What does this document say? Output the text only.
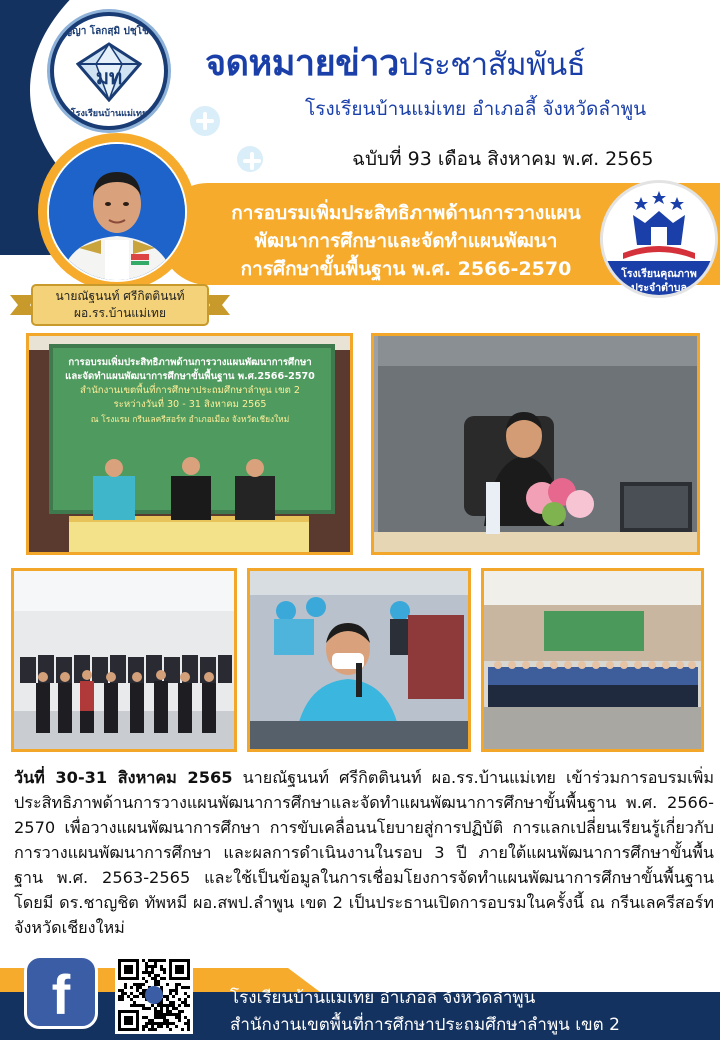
ปัญญา โลกสฺมิ ปชฺโชโต
มท
โรงเรียนบ้านแม่เทย
จดหมายข่าวประชาสัมพันธ์
โรงเรียนบ้านแม่เทย อำเภอลี้ จังหวัดลำพูน
ฉบับที่ 93 เดือน สิงหาคม พ.ศ. 2565
การอบรมเพิ่มประสิทธิภาพด้านการวางแผน
พัฒนาการศึกษาและจัดทำแผนพัฒนา
การศึกษาขั้นพื้นฐาน พ.ศ. 2566-2570
นายณัฐนนท์ ศรีกิตตินนท์
ผอ.รร.บ้านแม่เทย
โรงเรียนคุณภาพ
ประจำตำบล
การอบรมเพิ่มประสิทธิภาพด้านการวางแผนพัฒนาการศึกษา
และจัดทำแผนพัฒนาการศึกษาขั้นพื้นฐาน พ.ศ.2566-2570
สำนักงานเขตพื้นที่การศึกษาประถมศึกษาลำพูน เขต 2
ระหว่างวันที่ 30 - 31 สิงหาคม 2565
ณ โรงแรม กรีนเลครีสอร์ท อำเภอเมือง จังหวัดเชียงใหม่
วันที่ 30-31 สิงหาคม 2565 นายณัฐนนท์ ศรีกิตตินนท์ ผอ.รร.บ้านแม่เทย เข้าร่วมการอบรมเพิ่มประสิทธิภาพด้านการวางแผนพัฒนาการศึกษาและจัดทำแผนพัฒนาการศึกษาขั้นพื้นฐาน พ.ศ. 2566-2570 เพื่อวางแผนพัฒนาการศึกษา การขับเคลื่อนนโยบายสู่การปฏิบัติ การแลกเปลี่ยนเรียนรู้เกี่ยวกับการวางแผนพัฒนาการศึกษา และผลการดำเนินงานในรอบ 3 ปี ภายใต้แผนพัฒนาการศึกษาขั้นพื้นฐาน พ.ศ. 2563-2565 และใช้เป็นข้อมูลในการเชื่อมโยงการจัดทำแผนพัฒนาการศึกษาขั้นพื้นฐาน โดยมี ดร.ชาญชิต ทัพหมี ผอ.สพป.ลำพูน เขต 2 เป็นประธานเปิดการอบรมในครั้งนี้ ณ กรีนเลครีสอร์ท จังหวัดเชียงใหม่
f	โรงเรียนบ้านแม่เทย อำเภอลี้ จังหวัดลำพูน
สำนักงานเขตพื้นที่การศึกษาประถมศึกษาลำพูน เขต 2
